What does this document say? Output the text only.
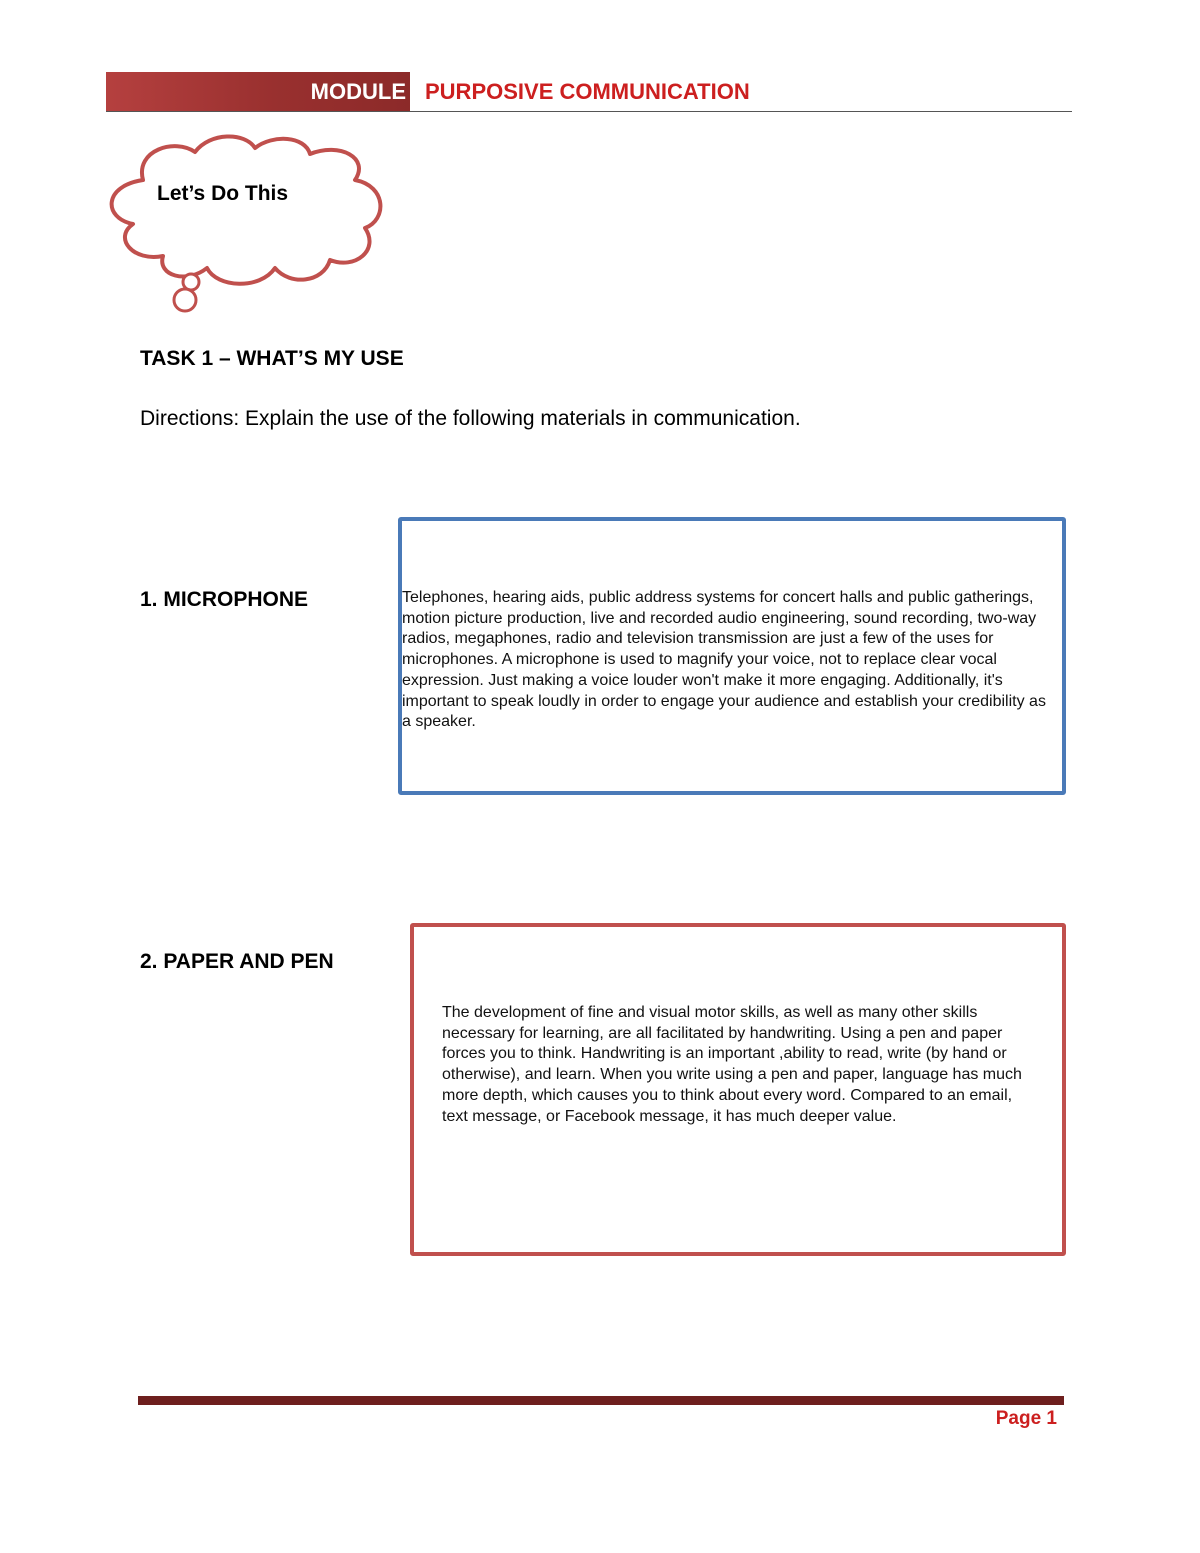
MODULE PURPOSIVE COMMUNICATION
Let’s Do This
TASK 1 – WHAT’S MY USE
Directions: Explain the use of the following materials in communication.
1. MICROPHONE	Telephones, hearing aids, public address systems for concert halls and public gatherings, motion picture production, live and recorded audio engineering, sound recording, two-way radios, megaphones, radio and television transmission are just a few of the uses for microphones. A microphone is used to magnify your voice, not to replace clear vocal expression. Just making a voice louder won't make it more engaging. Additionally, it's important to speak loudly in order to engage your audience and establish your credibility as a speaker.
2. PAPER AND PEN
The development of fine and visual motor skills, as well as many other skills necessary for learning, are all facilitated by handwriting. Using a pen and paper forces you to think. Handwriting is an important ,ability to read, write (by hand or otherwise), and learn. When you write using a pen and paper, language has much more depth, which causes you to think about every word. Compared to an email, text message, or Facebook message, it has much deeper value.
Page 1
